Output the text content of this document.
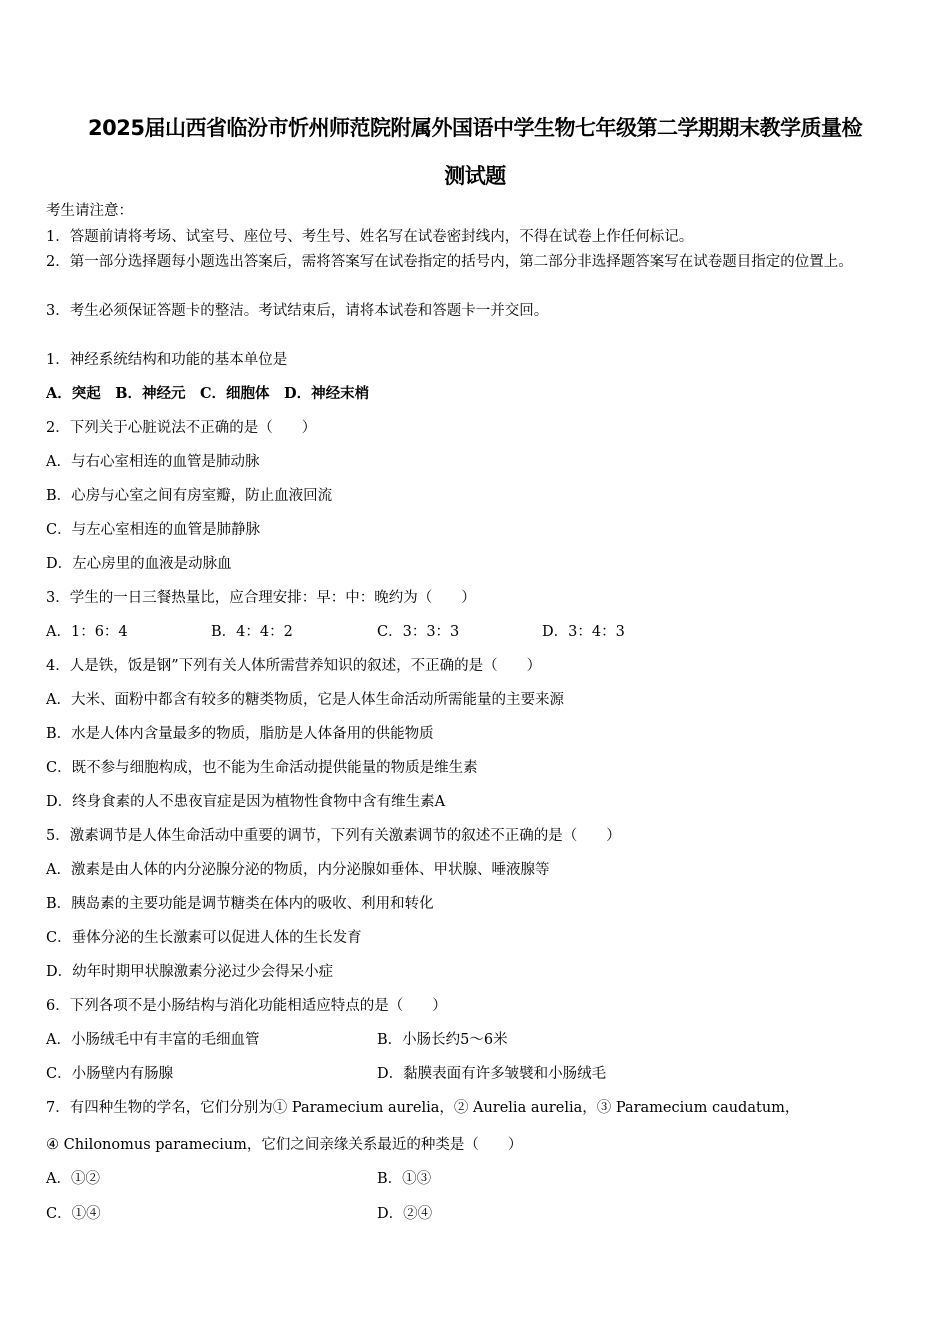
2025届山西省临汾市忻州师范院附属外国语中学生物七年级第二学期期末教学质量检
测试题
考生请注意：
1．答题前请将考场、试室号、座位号、考生号、姓名写在试卷密封线内，不得在试卷上作任何标记。
2．第一部分选择题每小题选出答案后，需将答案写在试卷指定的括号内，第二部分非选择题答案写在试卷题目指定的位置上。
3．考生必须保证答题卡的整洁。考试结束后，请将本试卷和答题卡一并交回。
1．神经系统结构和功能的基本单位是
A．突起　B．神经元　C．细胞体　D．神经末梢
2．下列关于心脏说法不正确的是（　　）
A．与右心室相连的血管是肺动脉
B．心房与心室之间有房室瓣，防止血液回流
C．与左心室相连的血管是肺静脉
D．左心房里的血液是动脉血
3．学生的一日三餐热量比，应合理安排：早：中：晚约为（　　）
A．1：6：4	B．4：4：2	C．3：3：3	D．3：4：3
4．人是铁，饭是钢”下列有关人体所需营养知识的叙述，不正确的是（　　）
A．大米、面粉中都含有较多的糖类物质，它是人体生命活动所需能量的主要来源
B．水是人体内含量最多的物质，脂肪是人体备用的供能物质
C．既不参与细胞构成，也不能为生命活动提供能量的物质是维生素
D．终身食素的人不患夜盲症是因为植物性食物中含有维生素A
5．激素调节是人体生命活动中重要的调节，下列有关激素调节的叙述不正确的是（　　）
A．激素是由人体的内分泌腺分泌的物质，内分泌腺如垂体、甲状腺、唾液腺等
B．胰岛素的主要功能是调节糖类在体内的吸收、利用和转化
C．垂体分泌的生长激素可以促进人体的生长发育
D．幼年时期甲状腺激素分泌过少会得呆小症
6．下列各项不是小肠结构与消化功能相适应特点的是（　　）
A．小肠绒毛中有丰富的毛细血管	B．小肠长约5～6米
C．小肠壁内有肠腺	D．黏膜表面有许多皱襞和小肠绒毛
7．有四种生物的学名，它们分别为① Paramecium aurelia，② Aurelia aurelia，③ Paramecium caudatum，
④ Chilonomus paramecium，它们之间亲缘关系最近的种类是（　　）
A．①②	B．①③
C．①④	D．②④
